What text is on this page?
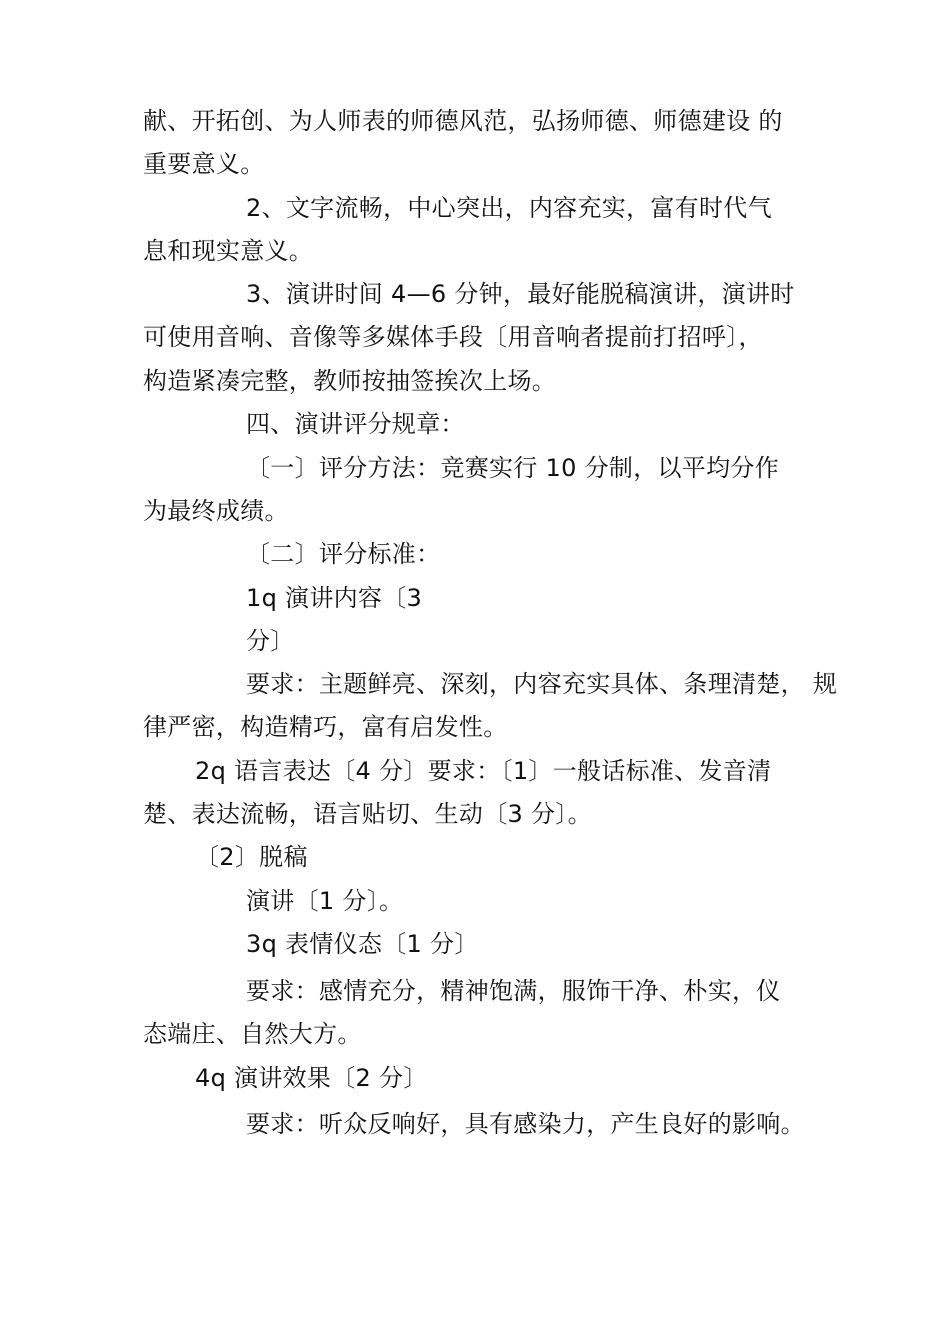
献、开拓创、为人师表的师德风范，弘扬师德、师德建设 的
重要意义。
2、文字流畅，中心突出，内容充实，富有时代气
息和现实意义。
3、演讲时间 4—6 分钟，最好能脱稿演讲，演讲时
可使用音响、音像等多媒体手段〔用音响者提前打招呼〕，
构造紧凑完整，教师按抽签挨次上场。
四、演讲评分规章：
〔一〕评分方法：竞赛实行 10 分制，以平均分作
为最终成绩。
〔二〕评分标准：
1q 演讲内容〔3
分〕
要求：主题鲜亮、深刻，内容充实具体、条理清楚， 规
律严密，构造精巧，富有启发性。
2q 语言表达〔4 分〕要求：〔1〕一般话标准、发音清
楚、表达流畅，语言贴切、生动〔3 分〕。
〔2〕脱稿
演讲〔1 分〕。
3q 表情仪态〔1 分〕
要求：感情充分，精神饱满，服饰干净、朴实，仪
态端庄、自然大方。
4q 演讲效果〔2 分〕
要求：听众反响好，具有感染力，产生良好的影响。
